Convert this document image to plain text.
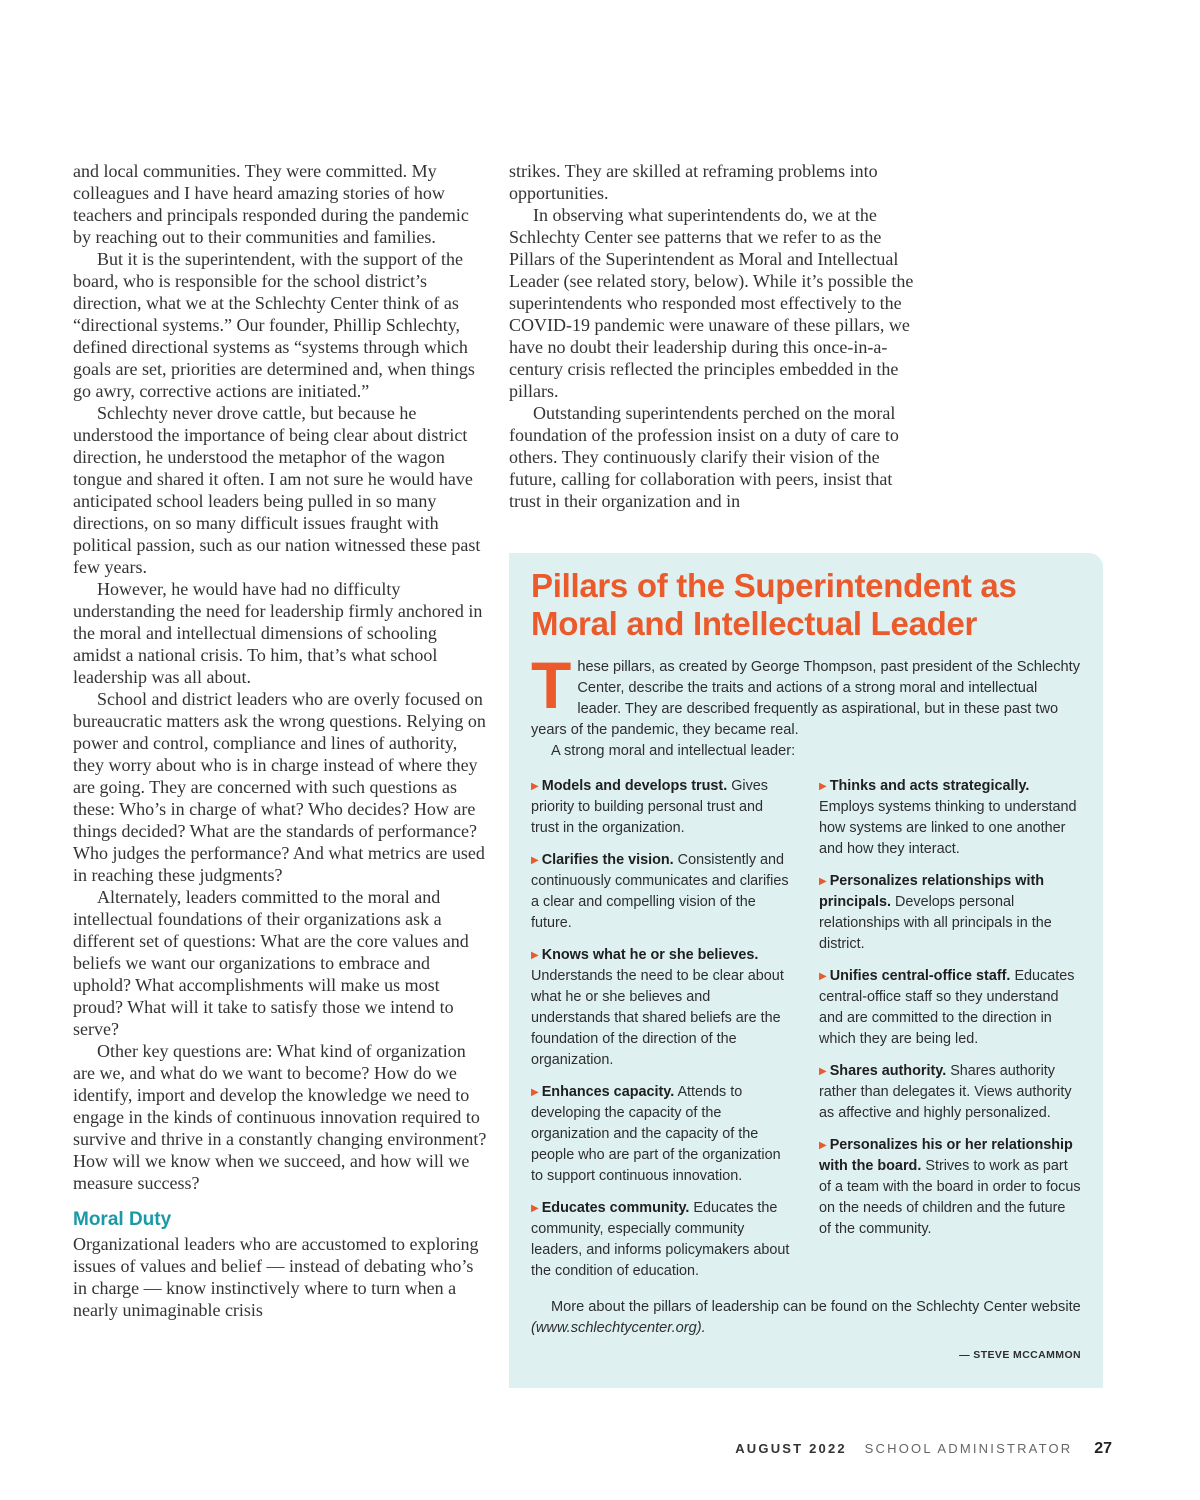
and local communities. They were committed. My colleagues and I have heard amazing stories of how teachers and principals responded during the pandemic by reaching out to their communities and families.

But it is the superintendent, with the support of the board, who is responsible for the school district’s direction, what we at the Schlechty Center think of as “directional systems.” Our founder, Phillip Schlechty, defined directional systems as “systems through which goals are set, priorities are determined and, when things go awry, corrective actions are initiated.”

Schlechty never drove cattle, but because he understood the importance of being clear about district direction, he understood the metaphor of the wagon tongue and shared it often. I am not sure he would have anticipated school leaders being pulled in so many directions, on so many difficult issues fraught with political passion, such as our nation witnessed these past few years.

However, he would have had no difficulty understanding the need for leadership firmly anchored in the moral and intellectual dimensions of schooling amidst a national crisis. To him, that’s what school leadership was all about.

School and district leaders who are overly focused on bureaucratic matters ask the wrong questions. Relying on power and control, compliance and lines of authority, they worry about who is in charge instead of where they are going. They are concerned with such questions as these: Who’s in charge of what? Who decides? How are things decided? What are the standards of performance? Who judges the performance? And what metrics are used in reaching these judgments?

Alternately, leaders committed to the moral and intellectual foundations of their organizations ask a different set of questions: What are the core values and beliefs we want our organizations to embrace and uphold? What accomplishments will make us most proud? What will it take to satisfy those we intend to serve?

Other key questions are: What kind of organization are we, and what do we want to become? How do we identify, import and develop the knowledge we need to engage in the kinds of continuous innovation required to survive and thrive in a constantly changing environment? How will we know when we succeed, and how will we measure success?

Moral Duty

Organizational leaders who are accustomed to exploring issues of values and belief — instead of debating who’s in charge — know instinctively where to turn when a nearly unimaginable crisis

strikes. They are skilled at reframing problems into opportunities.

In observing what superintendents do, we at the Schlechty Center see patterns that we refer to as the Pillars of the Superintendent as Moral and Intellectual Leader (see related story, below). While it’s possible the superintendents who responded most effectively to the COVID-19 pandemic were unaware of these pillars, we have no doubt their leadership during this once-in-a-century crisis reflected the principles embedded in the pillars.

Outstanding superintendents perched on the moral foundation of the profession insist on a duty of care to others. They continuously clarify their vision of the future, calling for collaboration with peers, insist that trust in their organization and in

Pillars of the Superintendent as Moral and Intellectual Leader

These pillars, as created by George Thompson, past president of the Schlechty Center, describe the traits and actions of a strong moral and intellectual leader. They are described frequently as aspirational, but in these past two years of the pandemic, they became real.

A strong moral and intellectual leader:

▶ Models and develops trust. Gives priority to building personal trust and trust in the organization.

▶ Clarifies the vision. Consistently and continuously communicates and clarifies a clear and compelling vision of the future.

▶ Knows what he or she believes. Understands the need to be clear about what he or she believes and understands that shared beliefs are the foundation of the direction of the organization.

▶ Enhances capacity. Attends to developing the capacity of the organization and the capacity of the people who are part of the organization to support continuous innovation.

▶ Educates community. Educates the community, especially community leaders, and informs policymakers about the condition of education.

▶ Thinks and acts strategically. Employs systems thinking to understand how systems are linked to one another and how they interact.

▶ Personalizes relationships with principals. Develops personal relationships with all principals in the district.

▶ Unifies central-office staff. Educates central-office staff so they understand and are committed to the direction in which they are being led.

▶ Shares authority. Shares authority rather than delegates it. Views authority as affective and highly personalized.

▶ Personalizes his or her relationship with the board. Strives to work as part of a team with the board in order to focus on the needs of children and the future of the community.

More about the pillars of leadership can be found on the Schlechty Center website (www.schlechtycenter.org).

— STEVE MCCAMMON
AUGUST 2022 SCHOOL ADMINISTRATOR 27
